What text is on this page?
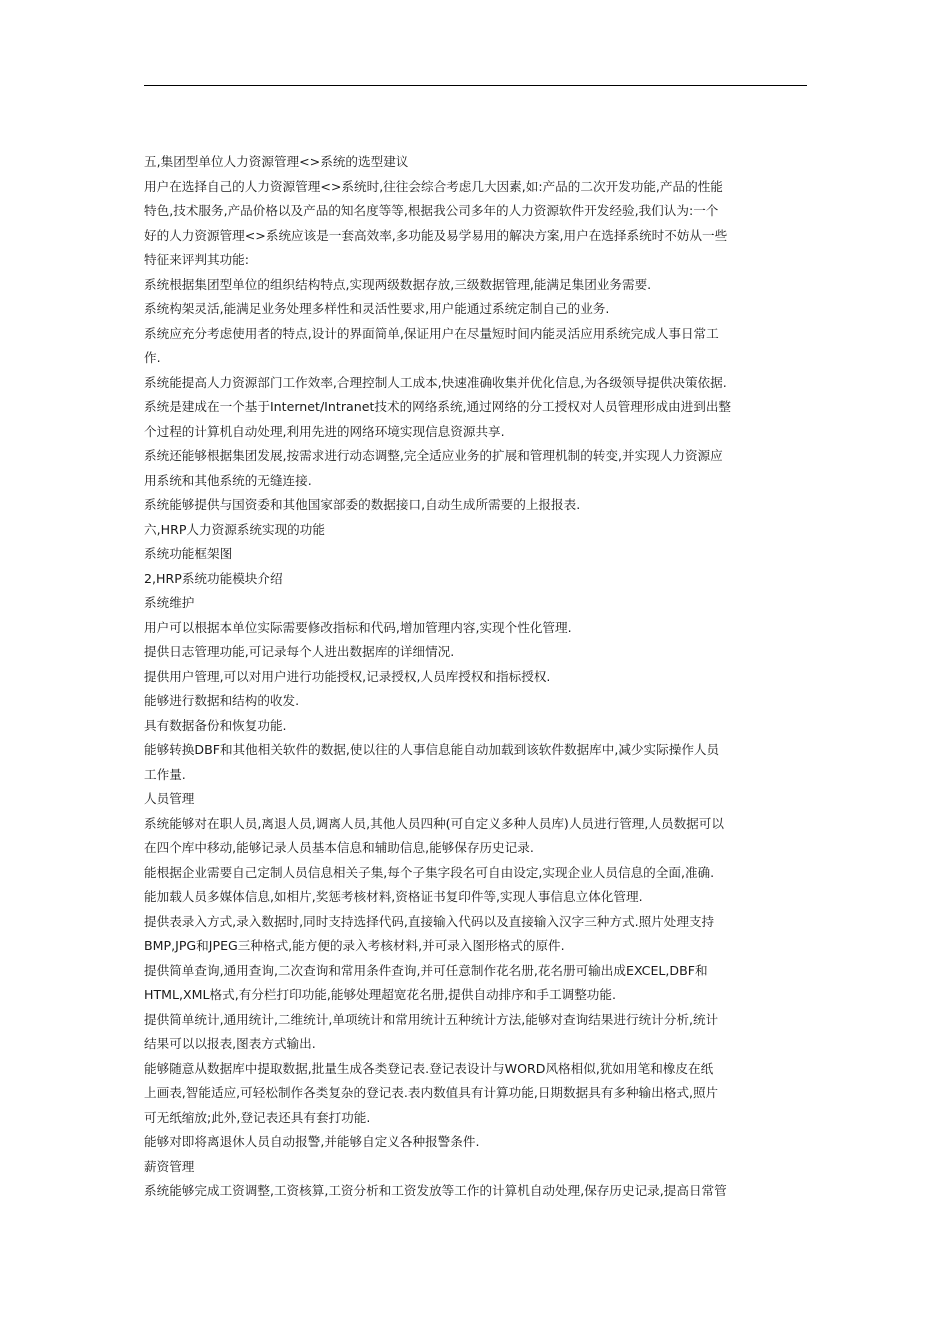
五,集团型单位人力资源管理<>系统的选型建议
用户在选择自己的人力资源管理<>系统时,往往会综合考虑几大因素,如:产品的二次开发功能,产品的性能
特色,技术服务,产品价格以及产品的知名度等等,根据我公司多年的人力资源软件开发经验,我们认为:一个
好的人力资源管理<>系统应该是一套高效率,多功能及易学易用的解决方案,用户在选择系统时不妨从一些
特征来评判其功能:
系统根据集团型单位的组织结构特点,实现两级数据存放,三级数据管理,能满足集团业务需要.
系统构架灵活,能满足业务处理多样性和灵活性要求,用户能通过系统定制自己的业务.
系统应充分考虑使用者的特点,设计的界面简单,保证用户在尽量短时间内能灵活应用系统完成人事日常工
作.
系统能提高人力资源部门工作效率,合理控制人工成本,快速准确收集并优化信息,为各级领导提供决策依据.
系统是建成在一个基于Internet/Intranet技术的网络系统,通过网络的分工授权对人员管理形成由进到出整
个过程的计算机自动处理,利用先进的网络环境实现信息资源共享.
系统还能够根据集团发展,按需求进行动态调整,完全适应业务的扩展和管理机制的转变,并实现人力资源应
用系统和其他系统的无缝连接.
系统能够提供与国资委和其他国家部委的数据接口,自动生成所需要的上报报表.
六,HRP人力资源系统实现的功能
系统功能框架图
2,HRP系统功能模块介绍
系统维护
用户可以根据本单位实际需要修改指标和代码,增加管理内容,实现个性化管理.
提供日志管理功能,可记录每个人进出数据库的详细情况.
提供用户管理,可以对用户进行功能授权,记录授权,人员库授权和指标授权.
能够进行数据和结构的收发.
具有数据备份和恢复功能.
能够转换DBF和其他相关软件的数据,使以往的人事信息能自动加载到该软件数据库中,减少实际操作人员
工作量.
人员管理
系统能够对在职人员,离退人员,调离人员,其他人员四种(可自定义多种人员库)人员进行管理,人员数据可以
在四个库中移动,能够记录人员基本信息和辅助信息,能够保存历史记录.
能根据企业需要自己定制人员信息相关子集,每个子集字段名可自由设定,实现企业人员信息的全面,准确.
能加载人员多媒体信息,如相片,奖惩考核材料,资格证书复印件等,实现人事信息立体化管理.
提供表录入方式,录入数据时,同时支持选择代码,直接输入代码以及直接输入汉字三种方式.照片处理支持
BMP,JPG和JPEG三种格式,能方便的录入考核材料,并可录入图形格式的原件.
提供简单查询,通用查询,二次查询和常用条件查询,并可任意制作花名册,花名册可输出成EXCEL,DBF和
HTML,XML格式,有分栏打印功能,能够处理超宽花名册,提供自动排序和手工调整功能.
提供简单统计,通用统计,二维统计,单项统计和常用统计五种统计方法,能够对查询结果进行统计分析,统计
结果可以以报表,图表方式输出.
能够随意从数据库中提取数据,批量生成各类登记表.登记表设计与WORD风格相似,犹如用笔和橡皮在纸
上画表,智能适应,可轻松制作各类复杂的登记表.表内数值具有计算功能,日期数据具有多种输出格式,照片
可无纸缩放;此外,登记表还具有套打功能.
能够对即将离退休人员自动报警,并能够自定义各种报警条件.
薪资管理
系统能够完成工资调整,工资核算,工资分析和工资发放等工作的计算机自动处理,保存历史记录,提高日常管
